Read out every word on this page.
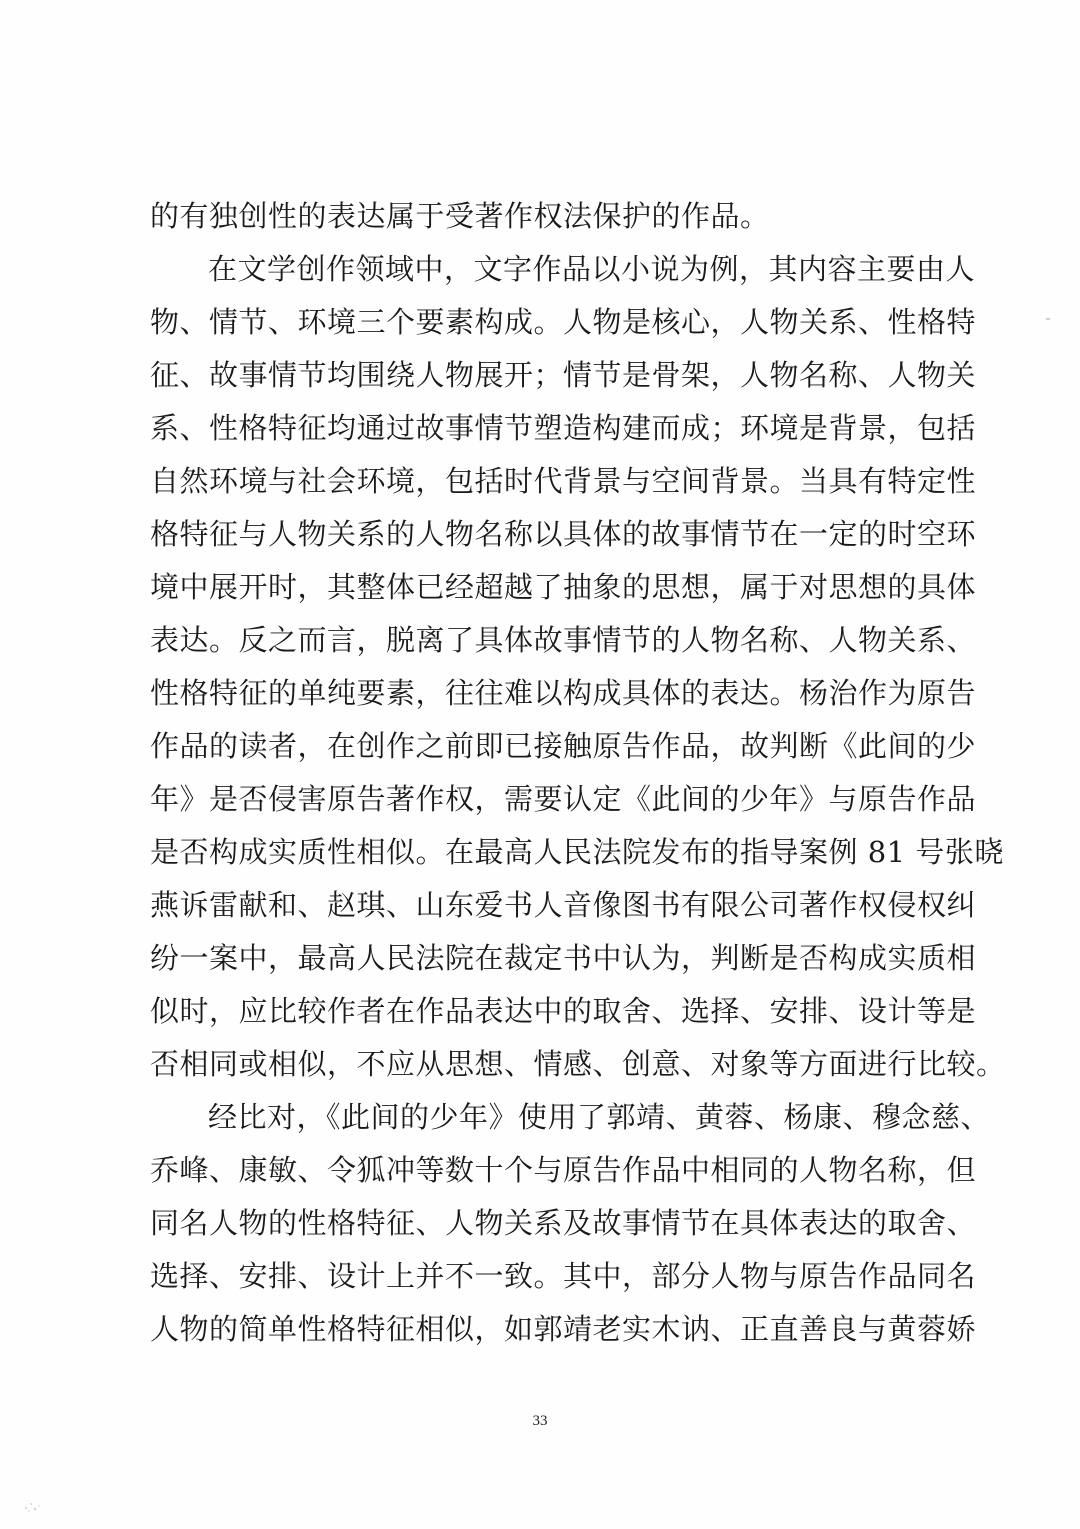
的有独创性的表达属于受著作权法保护的作品。
在文学创作领域中，文字作品以小说为例，其内容主要由人
物、情节、环境三个要素构成。人物是核心，人物关系、性格特
征、故事情节均围绕人物展开；情节是骨架，人物名称、人物关
系、性格特征均通过故事情节塑造构建而成；环境是背景，包括
自然环境与社会环境，包括时代背景与空间背景。当具有特定性
格特征与人物关系的人物名称以具体的故事情节在一定的时空环
境中展开时，其整体已经超越了抽象的思想，属于对思想的具体
表达。反之而言，脱离了具体故事情节的人物名称、人物关系、
性格特征的单纯要素，往往难以构成具体的表达。杨治作为原告
作品的读者，在创作之前即已接触原告作品，故判断《此间的少
年》是否侵害原告著作权，需要认定《此间的少年》与原告作品
是否构成实质性相似。在最高人民法院发布的指导案例 81 号张晓
燕诉雷献和、赵琪、山东爱书人音像图书有限公司著作权侵权纠
纷一案中，最高人民法院在裁定书中认为，判断是否构成实质相
似时，应比较作者在作品表达中的取舍、选择、安排、设计等是
否相同或相似，不应从思想、情感、创意、对象等方面进行比较。
经比对，《此间的少年》使用了郭靖、黄蓉、杨康、穆念慈、
乔峰、康敏、令狐冲等数十个与原告作品中相同的人物名称，但
同名人物的性格特征、人物关系及故事情节在具体表达的取舍、
选择、安排、设计上并不一致。其中，部分人物与原告作品同名
人物的简单性格特征相似，如郭靖老实木讷、正直善良与黄蓉娇
33
